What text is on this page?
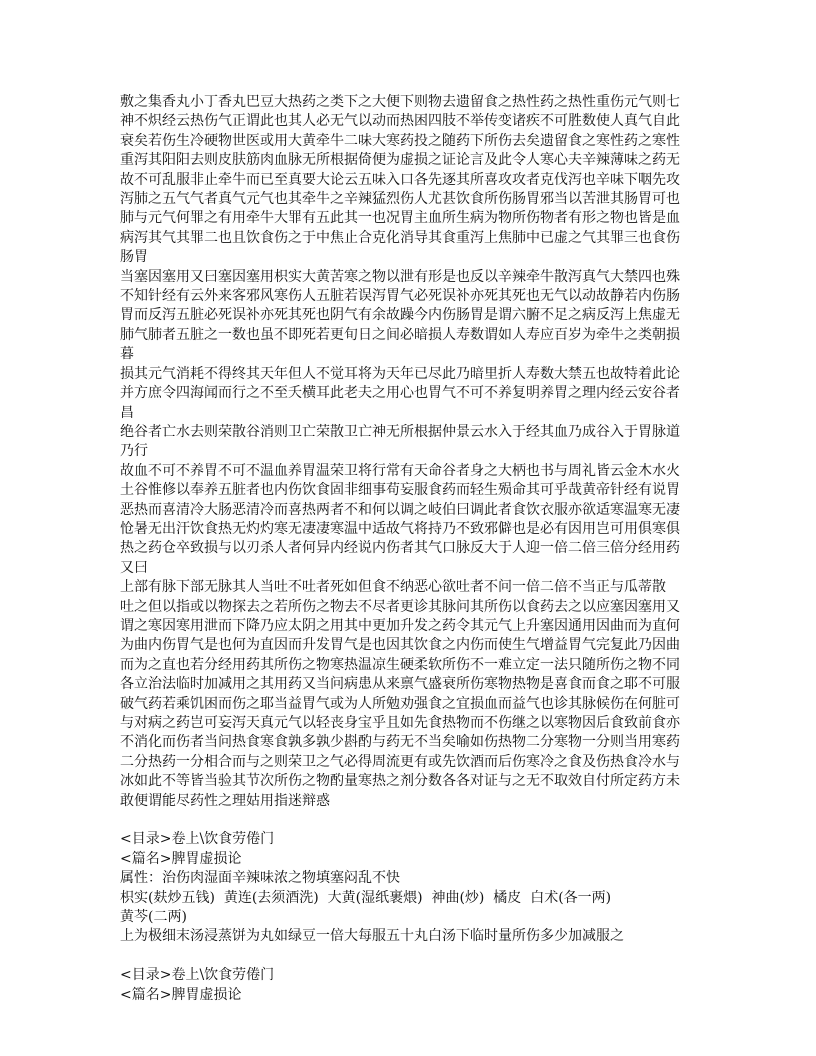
敷之集香丸小丁香丸巴豆大热药之类下之大便下则物去遗留食之热性药之热性重伤元气则七神不炽经云热伤气正谓此也其人必无气以动而热困四肢不举传变诸疾不可胜数使人真气自此衰矣若伤生冷硬物世医或用大黄牵牛二味大寒药投之随药下所伤去矣遗留食之寒性药之寒性重泻其阳阳去则皮肤筋肉血脉无所根据倚便为虚损之证论言及此令人寒心夫辛辣薄味之药无故不可乱服非止牵牛而已至真要大论云五味入口各先逐其所喜攻攻者克伐泻也辛味下咽先攻泻肺之五气气者真气元气也其牵牛之辛辣猛烈伤人尤甚饮食所伤肠胃邪当以苦泄其肠胃可也肺与元气何罪之有用牵牛大罪有五此其一也况胃主血所生病为物所伤物者有形之物也皆是血病泻其气其罪二也且饮食伤之于中焦止合克化消导其食重泻上焦肺中已虚之气其罪三也食伤肠胃

当塞因塞用又曰塞因塞用枳实大黄苦寒之物以泄有形是也反以辛辣牵牛散泻真气大禁四也殊不知针经有云外来客邪风寒伤人五脏若误泻胃气必死误补亦死其死也无气以动故静若内伤肠胃而反泻五脏必死误补亦死其死也阴气有余故躁今内伤肠胃是谓六腑不足之病反泻上焦虚无肺气肺者五脏之一数也虽不即死若更旬日之间必暗损人寿数谓如人寿应百岁为牵牛之类朝损暮

损其元气消耗不得终其天年但人不觉耳将为天年已尽此乃暗里折人寿数大禁五也故特着此论并方庶令四海闻而行之不至夭横耳此老夫之用心也胃气不可不养复明养胃之理内经云安谷者昌

绝谷者亡水去则荣散谷消则卫亡荣散卫亡神无所根据仲景云水入于经其血乃成谷入于胃脉道乃行

故血不可不养胃不可不温血养胃温荣卫将行常有天命谷者身之大柄也书与周礼皆云金木水火土谷惟修以奉养五脏者也内伤饮食固非细事苟妄服食药而轻生殒命其可乎哉黄帝针经有说胃恶热而喜清冷大肠恶清冷而喜热两者不和何以调之岐伯曰调此者食饮衣服亦欲适寒温寒无凄怆暑无出汗饮食热无灼灼寒无凄凄寒温中适故气将持乃不致邪僻也是必有因用岂可用俱寒俱热之药仓卒致损与以刃杀人者何异内经说内伤者其气口脉反大于人迎一倍二倍三倍分经用药又曰

上部有脉下部无脉其人当吐不吐者死如但食不纳恶心欲吐者不问一倍二倍不当正与瓜蒂散

吐之但以指或以物探去之若所伤之物去不尽者更诊其脉问其所伤以食药去之以应塞因塞用又谓之寒因寒用泄而下降乃应太阴之用其中更加升发之药令其元气上升塞因通用因曲而为直何为曲内伤胃气是也何为直因而升发胃气是也因其饮食之内伤而使生气增益胃气完复此乃因曲而为之直也若分经用药其所伤之物寒热温凉生硬柔软所伤不一难立定一法只随所伤之物不同各立治法临时加减用之其用药又当问病患从来禀气盛衰所伤寒物热物是喜食而食之耶不可服破气药若乘饥困而伤之耶当益胃气或为人所勉劝强食之宜损血而益气也诊其脉候伤在何脏可与对病之药岂可妄泻天真元气以轻丧身宝乎且如先食热物而不伤继之以寒物因后食致前食亦不消化而伤者当问热食寒食孰多孰少斟酌与药无不当矣喻如伤热物二分寒物一分则当用寒药二分热药一分相合而与之则荣卫之气必得周流更有或先饮酒而后伤寒冷之食及伤热食冷水与冰如此不等皆当验其节次所伤之物酌量寒热之剂分数各各对证与之无不取效自付所定药方未敢便谓能尽药性之理姑用指迷辩惑

<目录>卷上\饮食劳倦门

<篇名>脾胃虚损论

属性：治伤肉湿面辛辣味浓之物填塞闷乱不快

枳实(麸炒五钱)  黄连(去须酒洗)  大黄(湿纸裹煨)  神曲(炒)  橘皮  白术(各一两)

黄芩(二两)

上为极细末汤浸蒸饼为丸如绿豆一倍大每服五十丸白汤下临时量所伤多少加减服之

<目录>卷上\饮食劳倦门

<篇名>脾胃虚损论
